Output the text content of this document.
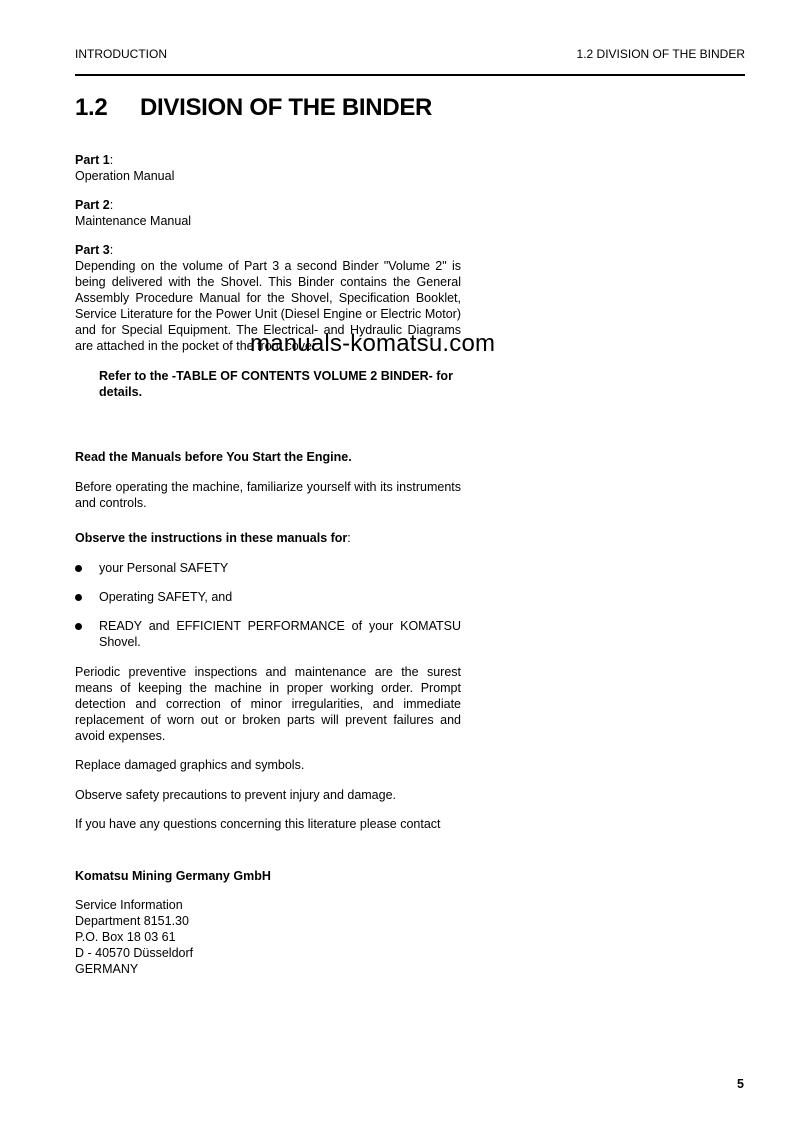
INTRODUCTION	1.2 DIVISION OF THE BINDER
1.2 DIVISION OF THE BINDER

Part 1:

Operation Manual

Part 2:

Maintenance Manual

Part 3:

Depending on the volume of Part 3 a second Binder "Volume 2" is being delivered with the Shovel. This Binder contains the General Assembly Procedure Manual for the Shovel, Specification Booklet, Service Literature for the Power Unit (Diesel Engine or Electric Motor) and for Special Equipment. The Electrical- and Hydraulic Diagrams are attached in the pocket of the front cover.

manuals-komatsu.com
Refer to the -TABLE OF CONTENTS VOLUME 2 BINDER- for details.
Read the Manuals before You Start the Engine.
Before operating the machine, familiarize yourself with its instruments and controls.
Observe the instructions in these manuals for:
your Personal SAFETY
Operating SAFETY, and
READY and EFFICIENT PERFORMANCE of your KOMATSU Shovel.
Periodic preventive inspections and maintenance are the surest means of keeping the machine in proper working order. Prompt detection and correction of minor irregularities, and immediate replacement of worn out or broken parts will prevent failures and avoid expenses.
Replace damaged graphics and symbols.
Observe safety precautions to prevent injury and damage.
If you have any questions concerning this literature please contact
Komatsu Mining Germany GmbH

Service Information

Department 8151.30

P.O. Box 18 03 61

D - 40570 Düsseldorf

GERMANY

5
